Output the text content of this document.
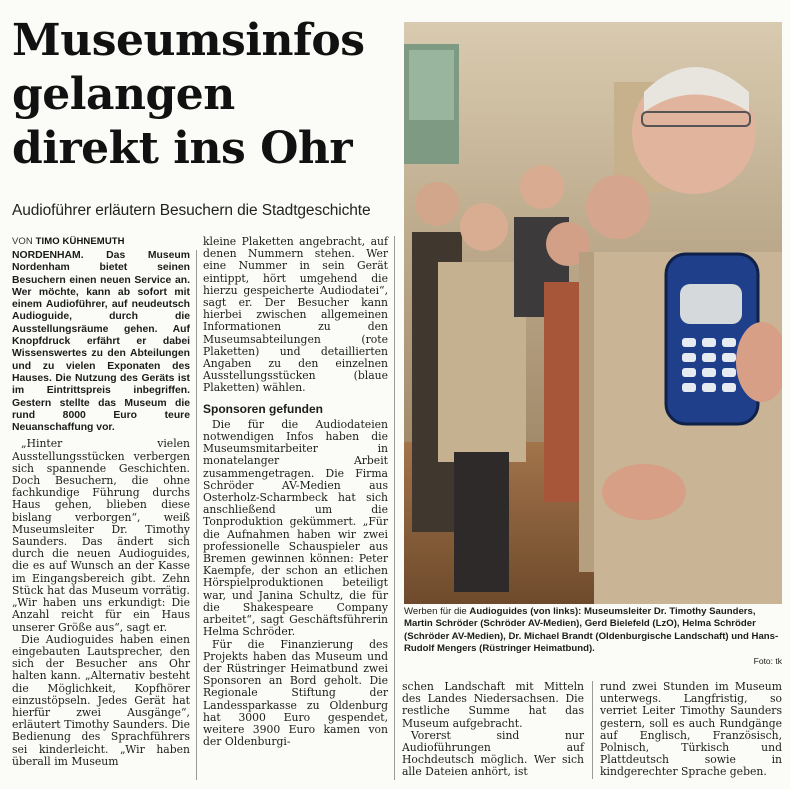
Museumsinfos
gelangen
direkt ins Ohr
Audioführer erläutern Besuchern die Stadtgeschichte
VON TIMO KÜHNEMUTH

NORDENHAM. Das Museum Nordenham bietet seinen Besuchern einen neuen Service an. Wer möchte, kann ab sofort mit einem Audioführer, auf neudeutsch Audioguide, durch die Ausstellungsräume gehen. Auf Knopfdruck erfährt er dabei Wissenswertes zu den Abteilungen und zu vielen Exponaten des Hauses. Die Nutzung des Geräts ist im Eintrittspreis inbegriffen. Gestern stellte das Museum die rund 8000 Euro teure Neuanschaffung vor.

„Hinter vielen Ausstellungsstücken verbergen sich spannende Geschichten. Doch Besuchern, die ohne fachkundige Führung durchs Haus gehen, blieben diese bislang verborgen“, weiß Museumsleiter Dr. Timothy Saunders. Das ändert sich durch die neuen Audioguides, die es auf Wunsch an der Kasse im Eingangsbereich gibt. Zehn Stück hat das Museum vorrätig. „Wir haben uns erkundigt: Die Anzahl reicht für ein Haus unserer Größe aus“, sagt er.

Die Audioguides haben einen eingebauten Lautsprecher, den sich der Besucher ans Ohr halten kann. „Alternativ besteht die Möglichkeit, Kopfhörer einzustöpseln. Jedes Gerät hat hierfür zwei Ausgänge“, erläutert Timothy Saunders. Die Bedienung des Sprachführers sei kinderleicht. „Wir haben überall im Museum

kleine Plaketten angebracht, auf denen Nummern stehen. Wer eine Nummer in sein Gerät eintippt, hört umgehend die hierzu gespeicherte Audiodatei“, sagt er. Der Besucher kann hierbei zwischen allgemeinen Informationen zu den Museumsabteilungen (rote Plaketten) und detaillierten Angaben zu den einzelnen Ausstellungsstücken (blaue Plaketten) wählen.

Sponsoren gefunden

Die für die Audiodateien notwendigen Infos haben die Museumsmitarbeiter in monatelanger Arbeit zusammengetragen. Die Firma Schröder AV-Medien aus Osterholz-Scharmbeck hat sich anschließend um die Tonproduktion gekümmert. „Für die Aufnahmen haben wir zwei professionelle Schauspieler aus Bremen gewinnen können: Peter Kaempfe, der schon an etlichen Hörspielproduktionen beteiligt war, und Janina Schultz, die für die Shakespeare Company arbeitet“, sagt Geschäftsführerin Helma Schröder.

Für die Finanzierung des Projekts haben das Museum und der Rüstringer Heimatbund zwei Sponsoren an Bord geholt. Die Regionale Stiftung der Landessparkasse zu Oldenburg hat 3000 Euro gespendet, weitere 3900 Euro kamen von der Oldenburgi-

Werben für die Audioguides (von links): Museumsleiter Dr. Timothy Saunders, Martin Schröder (Schröder AV-Medien), Gerd Bielefeld (LzO), Helma Schröder (Schröder AV-Medien), Dr. Michael Brandt (Oldenburgische Landschaft) und Hans-Rudolf Mengers (Rüstringer Heimatbund).
Foto: tk

schen Landschaft mit Mitteln des Landes Niedersachsen. Die restliche Summe hat das Museum aufgebracht.

Vorerst sind nur Audioführungen auf Hochdeutsch möglich. Wer sich alle Dateien anhört, ist

rund zwei Stunden im Museum unterwegs. Langfristig, so verriet Leiter Timothy Saunders gestern, soll es auch Rundgänge auf Englisch, Französisch, Polnisch, Türkisch und Plattdeutsch sowie in kindgerechter Sprache geben.
